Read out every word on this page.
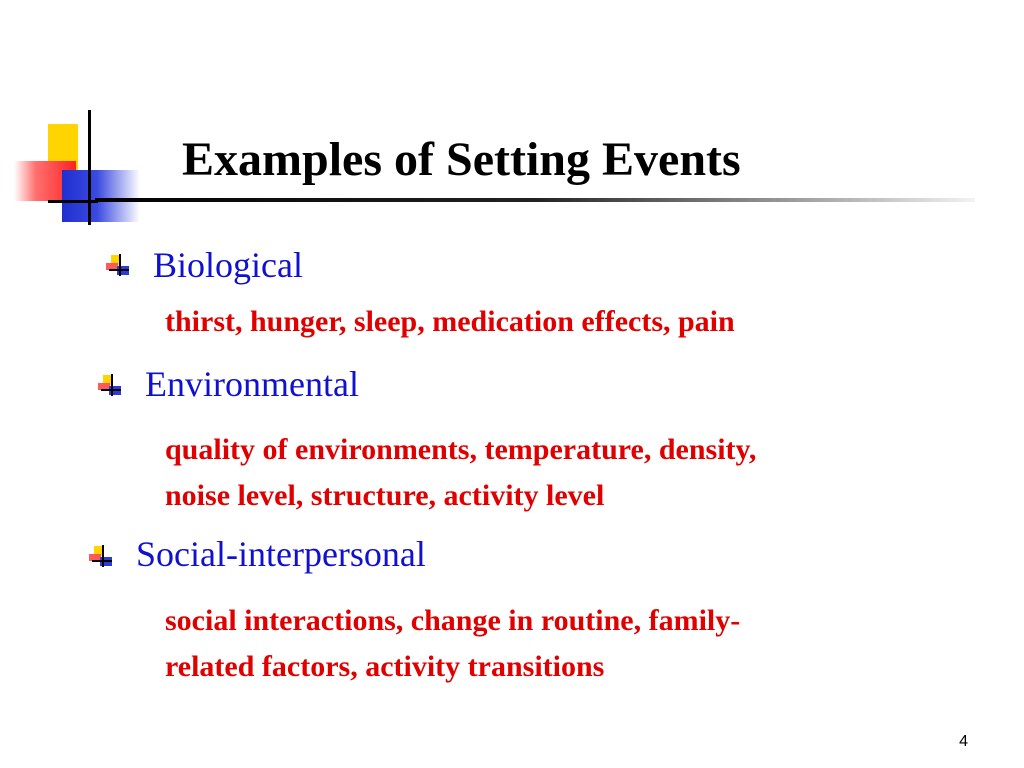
Examples of Setting Events
Biological
thirst, hunger, sleep, medication effects, pain
Environmental
quality of environments, temperature, density,
noise level, structure, activity level
Social-interpersonal
social interactions, change in routine, family-
related factors, activity transitions
4
